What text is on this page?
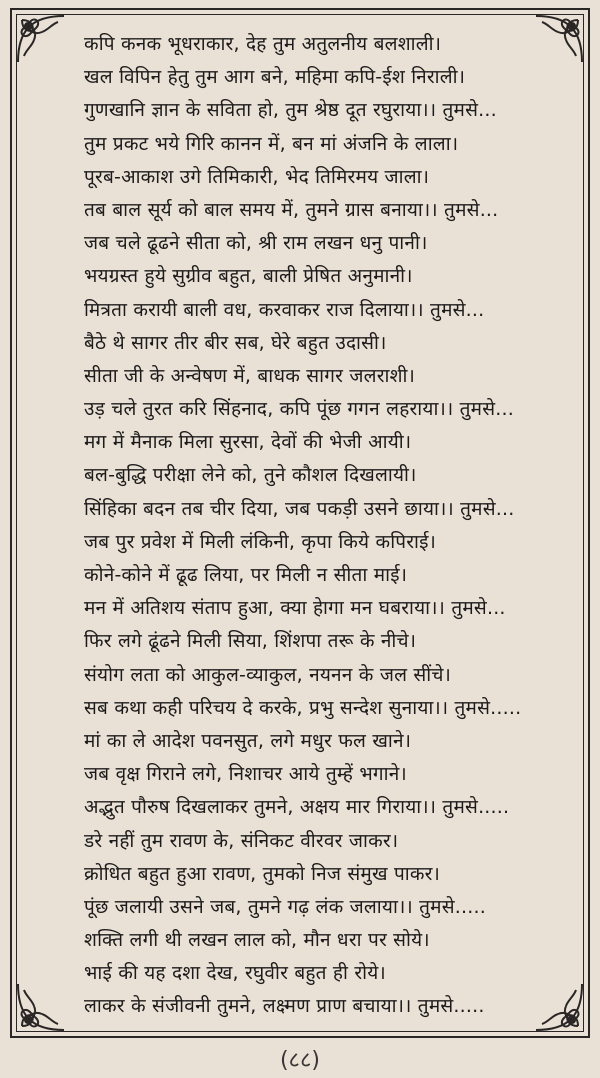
कपि कनक भूधराकार, देह तुम अतुलनीय बलशाली।
खल विपिन हेतु तुम आग बने, महिमा कपि-ईश निराली।
गुणखानि ज्ञान के सविता हो, तुम श्रेष्ठ दूत रघुराया।। तुमसे...
तुम प्रकट भये गिरि कानन में, बन मां अंजनि के लाला।
पूरब-आकाश उगे तिमिकारी, भेद तिमिरमय जाला।
तब बाल सूर्य को बाल समय में, तुमने ग्रास बनाया।। तुमसे...
जब चले ढूढने सीता को, श्री राम लखन धनु पानी।
भयग्रस्त हुये सुग्रीव बहुत, बाली प्रेषित अनुमानी।
मित्रता करायी बाली वध, करवाकर राज दिलाया।। तुमसे...
बैठे थे सागर तीर बीर सब, घेरे बहुत उदासी।
सीता जी के अन्वेषण में, बाधक सागर जलराशी।
उड़ चले तुरत करि सिंहनाद, कपि पूंछ गगन लहराया।। तुमसे...
मग में मैनाक मिला सुरसा, देवों की भेजी आयी।
बल-बुद्धि परीक्षा लेने को, तुने कौशल दिखलायी।
सिंहिका बदन तब चीर दिया, जब पकड़ी उसने छाया।। तुमसे...
जब पुर प्रवेश में मिली लंकिनी, कृपा किये कपिराई।
कोने-कोने में ढूढ लिया, पर मिली न सीता माई।
मन में अतिशय संताप हुआ, क्या हेागा मन घबराया।। तुमसे...
फिर लगे ढूंढने मिली सिया, शिंशपा तरू के नीचे।
संयोग लता को आकुल-व्याकुल, नयनन के जल सींचे।
सब कथा कही परिचय दे करके, प्रभु सन्देश सुनाया।। तुमसे.....
मां का ले आदेश पवनसुत, लगे मधुर फल खाने।
जब वृक्ष गिराने लगे, निशाचर आये तुम्हें भगाने।
अद्भुत पौरुष दिखलाकर तुमने, अक्षय मार गिराया।। तुमसे.....
डरे नहीं तुम रावण के, संनिकट वीरवर जाकर।
क्रोधित बहुत हुआ रावण, तुमको निज संमुख पाकर।
पूंछ जलायी उसने जब, तुमने गढ़ लंक जलाया।। तुमसे.....
शक्ति लगी थी लखन लाल को, मौन धरा पर सोये।
भाई की यह दशा देख, रघुवीर बहुत ही रोये।
लाकर के संजीवनी तुमने, लक्ष्मण प्राण बचाया।। तुमसे.....
(८८)
